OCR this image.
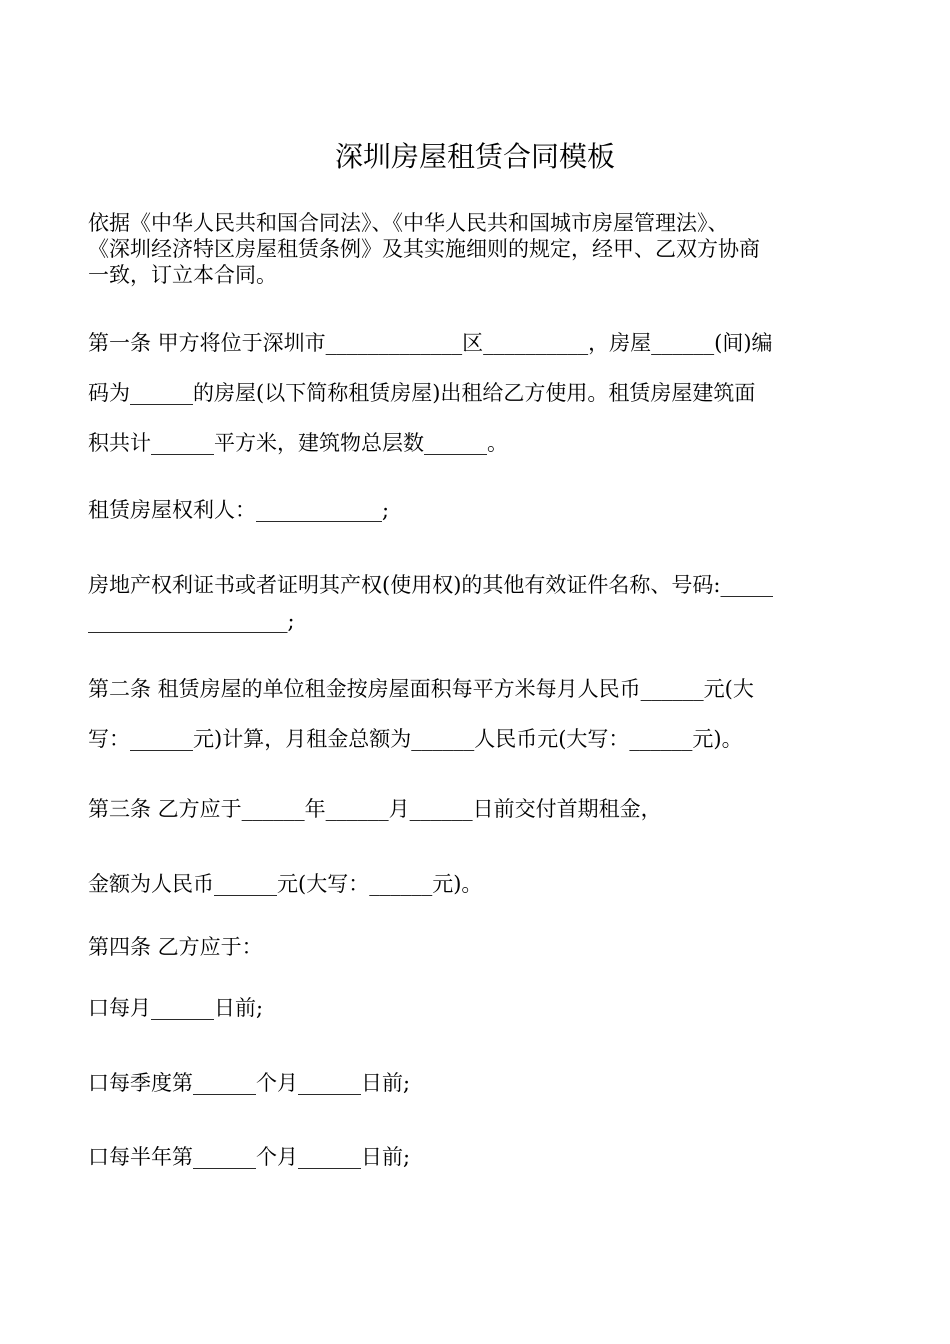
深圳房屋租赁合同模板

依据《中华人民共和国合同法》、《中华人民共和国城市房屋管理法》、
《深圳经济特区房屋租赁条例》及其实施细则的规定，经甲、乙双方协商
一致，订立本合同。

第一条 甲方将位于深圳市_____________区__________，房屋______(间)编
码为______的房屋(以下简称租赁房屋)出租给乙方使用。租赁房屋建筑面
积共计______平方米，建筑物总层数______。

租赁房屋权利人：____________;

房地产权利证书或者证明其产权(使用权)的其他有效证件名称、号码:_____
___________________;

第二条 租赁房屋的单位租金按房屋面积每平方米每月人民币______元(大
写：______元)计算，月租金总额为______人民币元(大写：______元)。

第三条 乙方应于______年______月______日前交付首期租金，

金额为人民币______元(大写：______元)。

第四条 乙方应于：

口每月______日前;

口每季度第______个月______日前;

口每半年第______个月______日前;
